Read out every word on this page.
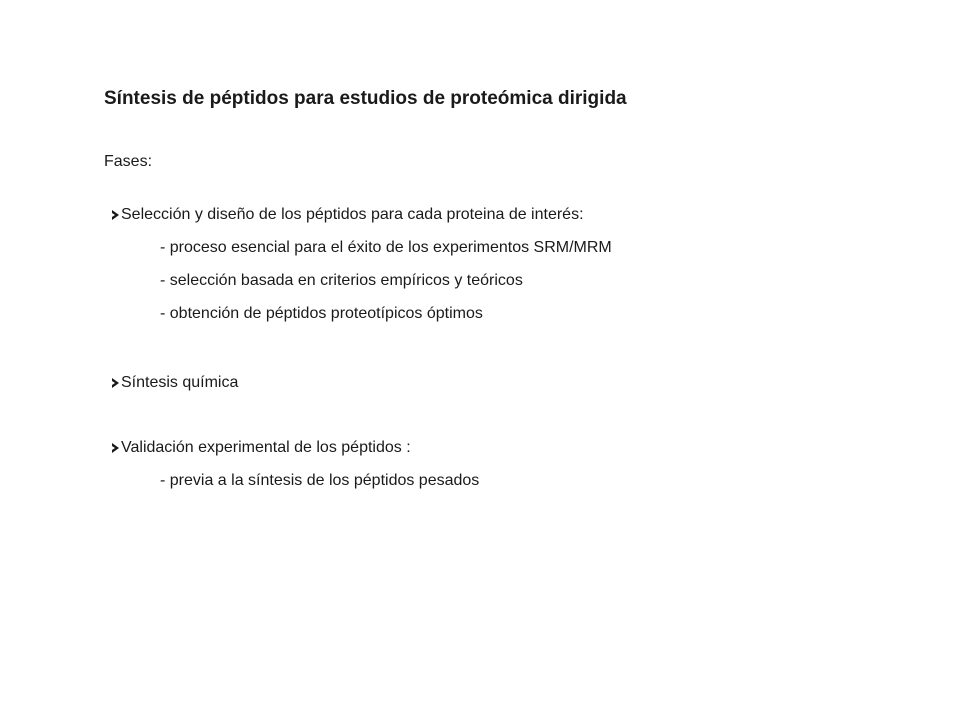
Síntesis de péptidos para estudios de proteómica dirigida
Fases:
Selección y diseño de los péptidos para cada proteina de interés:
- proceso esencial para el éxito de los experimentos SRM/MRM
- selección basada en criterios empíricos y teóricos
- obtención de péptidos proteotípicos óptimos
Síntesis química
Validación experimental de los péptidos :
- previa a la síntesis de los péptidos pesados
